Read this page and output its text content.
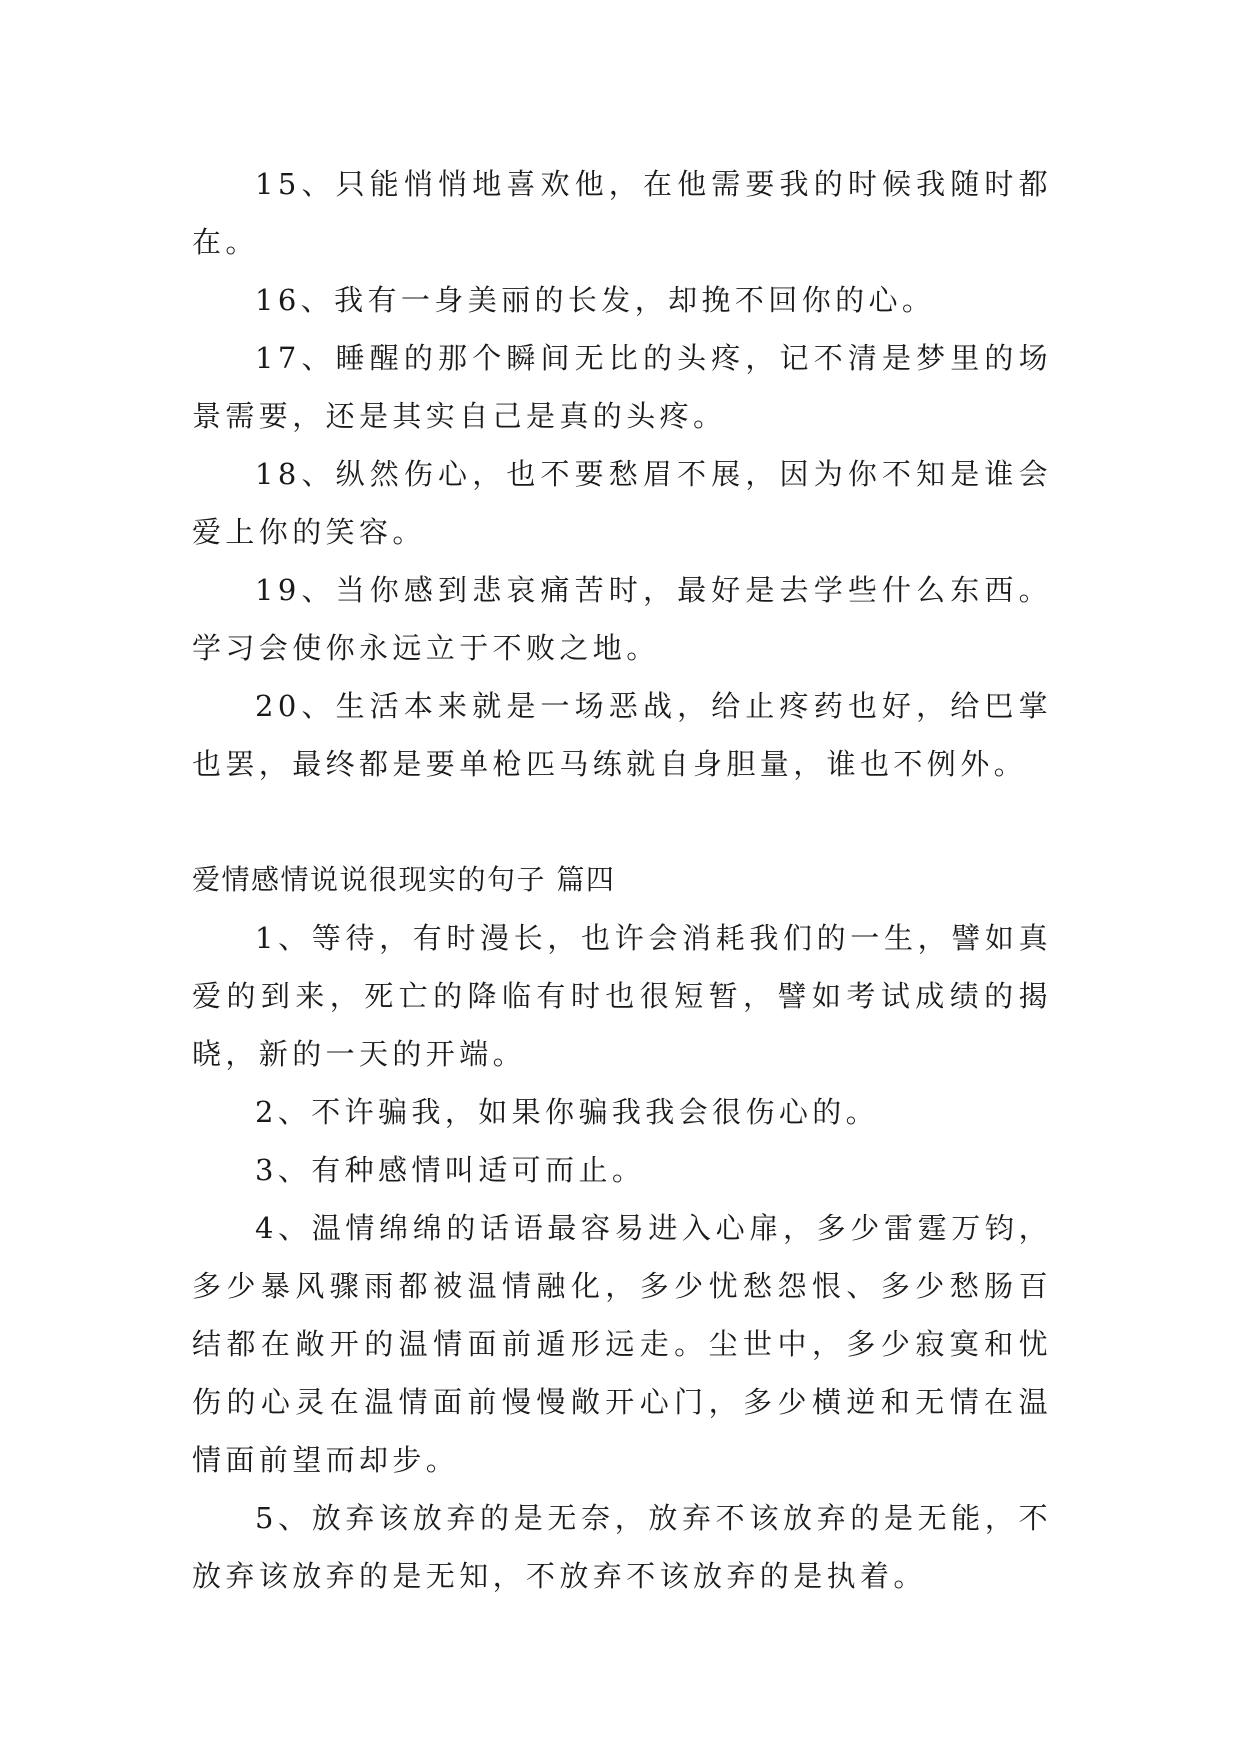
15、只能悄悄地喜欢他，在他需要我的时候我随时都在。

16、我有一身美丽的长发，却挽不回你的心。

17、睡醒的那个瞬间无比的头疼，记不清是梦里的场景需要，还是其实自己是真的头疼。

18、纵然伤心，也不要愁眉不展，因为你不知是谁会爱上你的笑容。

19、当你感到悲哀痛苦时，最好是去学些什么东西。学习会使你永远立于不败之地。

20、生活本来就是一场恶战，给止疼药也好，给巴掌也罢，最终都是要单枪匹马练就自身胆量，谁也不例外。

爱情感情说说很现实的句子 篇四

1、等待，有时漫长，也许会消耗我们的一生，譬如真爱的到来，死亡的降临有时也很短暂，譬如考试成绩的揭晓，新的一天的开端。

2、不许骗我，如果你骗我我会很伤心的。

3、有种感情叫适可而止。

4、温情绵绵的话语最容易进入心扉，多少雷霆万钧，多少暴风骤雨都被温情融化，多少忧愁怨恨、多少愁肠百结都在敞开的温情面前遁形远走。尘世中，多少寂寞和忧伤的心灵在温情面前慢慢敞开心门，多少横逆和无情在温情面前望而却步。

5、放弃该放弃的是无奈，放弃不该放弃的是无能，不放弃该放弃的是无知，不放弃不该放弃的是执着。
